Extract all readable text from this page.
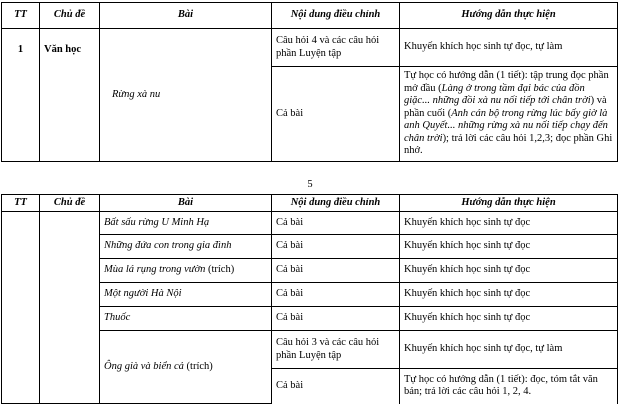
TT	Chủ đề	Bài	Nội dung điều chỉnh	Hướng dẫn thực hiện
1	Văn học	Rừng xà nu	Câu hỏi 4 và các câu hỏi phần Luyện tập	Khuyến khích học sinh tự đọc, tự làm
			Cả bài	Tự học có hướng dẫn (1 tiết): tập trung đọc phần mở đầu (Làng ở trong tầm đại bác của đồn giặc... những đồi xà nu nối tiếp tới chân trời) và phần cuối (Anh cán bộ trong rừng lúc bấy giờ là anh Quyết... những rừng xà nu nối tiếp chạy đến chân trời); trả lời các câu hỏi 1,2,3; đọc phần Ghi nhớ.
5
TT	Chủ đề	Bài	Nội dung điều chỉnh	Hướng dẫn thực hiện
		Bất sấu rừng U Minh Hạ	Cả bài	Khuyến khích học sinh tự đọc
		Những đứa con trong gia đình	Cả bài	Khuyến khích học sinh tự đọc
		Mùa lá rụng trong vườn (trích)	Cả bài	Khuyến khích học sinh tự đọc
		Một người Hà Nội	Cả bài	Khuyến khích học sinh tự đọc
		Thuốc	Cả bài	Khuyến khích học sinh tự đọc
		Ông già và biển cả (trích)	Câu hỏi 3 và các câu hỏi phần Luyện tập	Khuyến khích học sinh tự đọc, tự làm
			Cả bài	Tự học có hướng dẫn (1 tiết): đọc, tóm tắt văn bản; trả lời các câu hỏi 1, 2, 4.
